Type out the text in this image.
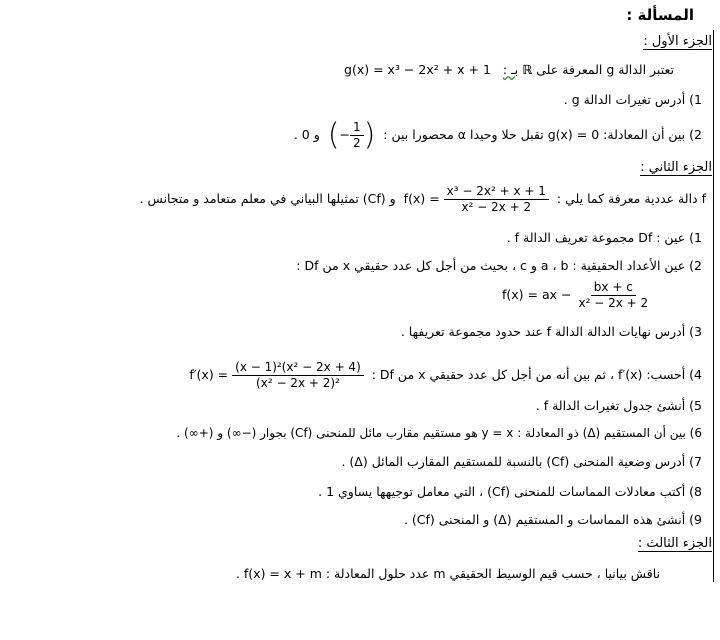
المسألة :
الجزء الأول :
تعتبر الدالة g المعرفة على ℝ بـ : g(x) = x³ − 2x² + x + 1
1) أدرس تغيرات الدالة g .
2) بين أن المعادلة: g(x) = 0 تقبل حلا وحيدا α محصورا بين : (− $\frac{1}{2}$ ) و 0 .
الجزء الثاني :
f دالة عددية معرفة كما يلي : $f(x) = \frac{\text{x³ − 2x² + x + 1}}{\text{x² − 2x + 2}}$
و (Cf) تمثيلها البياني في معلم متعامد و متجانس .
1) عين : Df مجموعة تعريف الدالة f .
2) عين الأعداد الحقيقية : a ، b و c ، بحيث من أجل كل عدد حقيقي x من Df :
f(x) = ax − $\frac{bx + c}{\text{x² − 2x + 2}}$
3) أدرس نهايات الدالة الدالة f عند حدود مجموعة تعريفها .
4) أحسب: f′(x) ، ثم بين أنه من أجل كل عدد حقيقي x من Df : $f'(x) = \frac{\text{(x − 1)²(x² − 2x + 4)}}{\text{(x² − 2x + 2)²}}$
5) أنشئ جدول تغيرات الدالة f .
6) بين أن المستقيم (Δ) ذو المعادلة : y = x هو مستقيم مقارب مائل للمنحنى (Cf) بجوار (−∞) و (+∞) .
7) أدرس وضعية المنحنى (Cf) بالنسبة للمستقيم المقارب المائل (Δ) .
8) أكتب معادلات المماسات للمنحنى (Cf) ، التي معامل توجيهها يساوي 1 .
9) أنشئ هذه المماسات و المستقيم (Δ) و المنحنى (Cf) .
الجزء الثالث :
ناقش بيانيا ، حسب قيم الوسيط الحقيقي m عدد حلول المعادلة : f(x) = x + m .
